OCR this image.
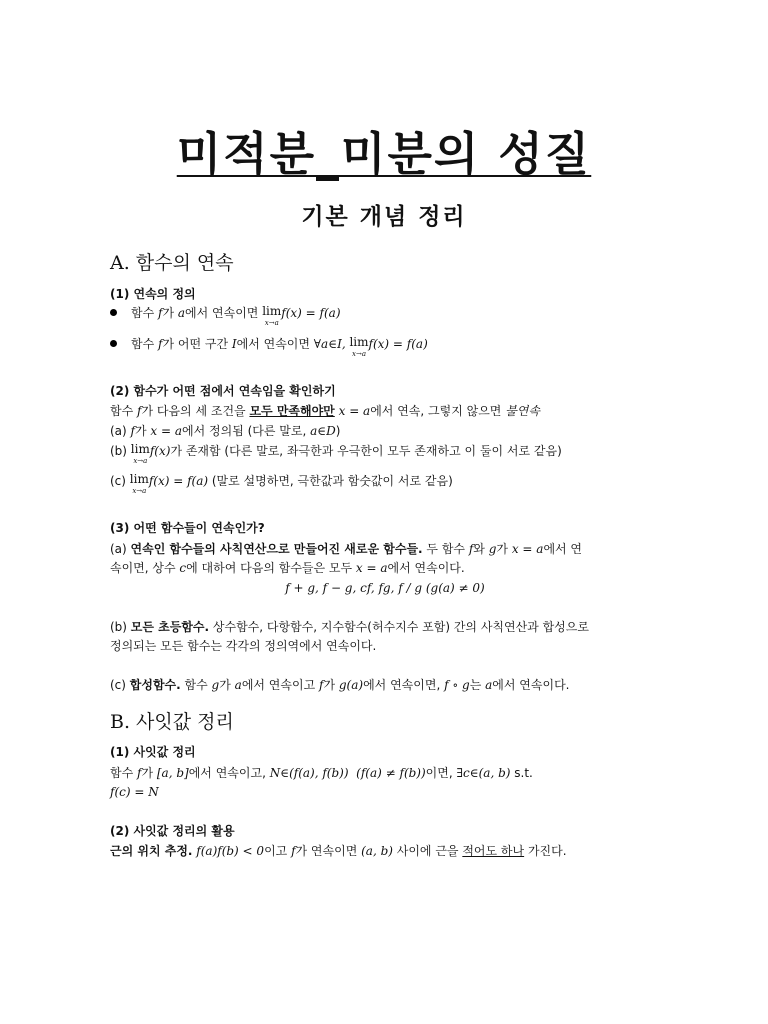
미적분_미분의 성질
기본 개념 정리
A. 함수의 연속
(1) 연속의 정의
함수 f가 a에서 연속이면 lim
x→a
f(x) = f(a)
함수 f가 어떤 구간 I에서 연속이면 ∀a∈I, lim
x→a
f(x) = f(a)
(2) 함수가 어떤 점에서 연속임을 확인하기
함수 f가 다음의 세 조건을 모두 만족해야만 x = a에서 연속, 그렇지 않으면 불연속
(a) f가 x = a에서 정의됨 (다른 말로, a∈D)
(b) lim
x→a
f(x)가 존재함 (다른 말로, 좌극한과 우극한이 모두 존재하고 이 둘이 서로 같음)
(c) lim
x→a
f(x) = f(a) (말로 설명하면, 극한값과 함숫값이 서로 같음)
(3) 어떤 함수들이 연속인가?
(a) 연속인 함수들의 사칙연산으로 만들어진 새로운 함수들. 두 함수 f와 g가 x = a에서 연
속이면, 상수 c에 대하여 다음의 함수들은 모두 x = a에서 연속이다.
f + g, f − g, cf, fg, f / g (g(a) ≠ 0)
(b) 모든 초등함수. 상수함수, 다항함수, 지수함수(허수지수 포함) 간의 사칙연산과 합성으로
정의되는 모든 함수는 각각의 정의역에서 연속이다.
(c) 합성함수. 함수 g가 a에서 연속이고 f가 g(a)에서 연속이면, f ∘ g는 a에서 연속이다.
B. 사잇값 정리
(1) 사잇값 정리
함수 f가 [a, b]에서 연속이고, N∈(f(a), f(b)) (f(a) ≠ f(b))이면, ∃c∈(a, b) s.t.
f(c) = N
(2) 사잇값 정리의 활용
근의 위치 추정. f(a)f(b) < 0이고 f가 연속이면 (a, b) 사이에 근을 적어도 하나 가진다.
